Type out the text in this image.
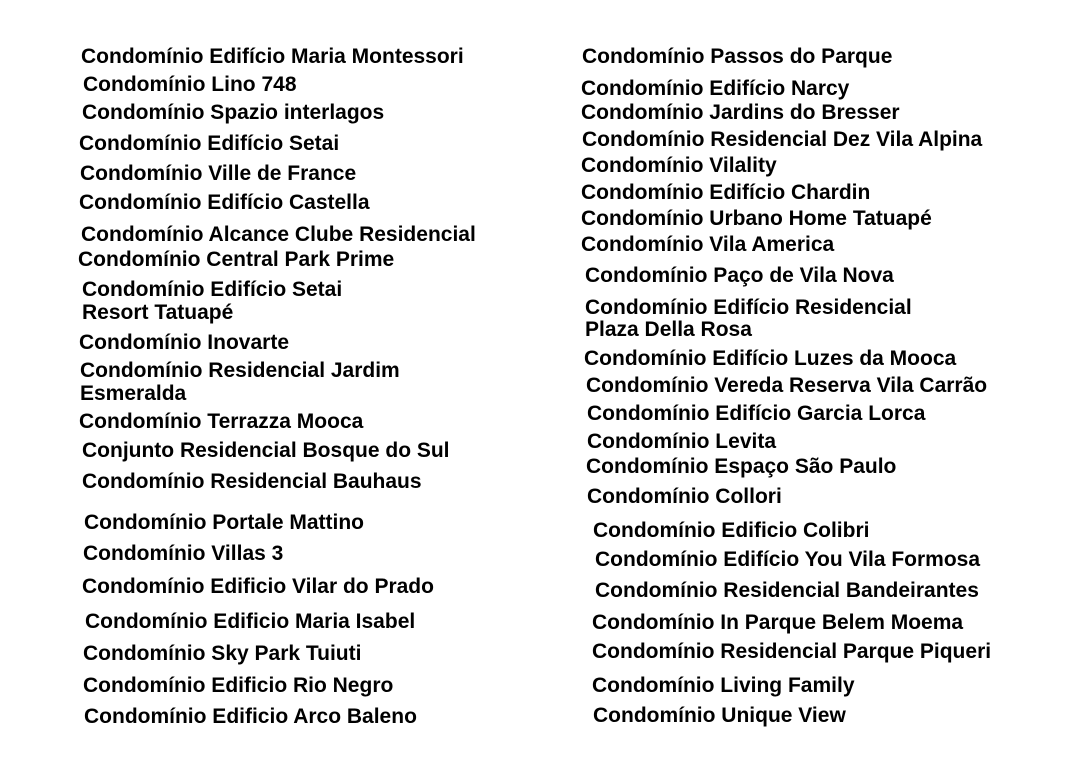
Condomínio Edifício Maria Montessori
Condomínio Lino 748
Condomínio Spazio interlagos
Condomínio Edifício Setai
Condomínio Ville de France
Condomínio Edifício Castella
Condomínio Alcance Clube Residencial
Condomínio Central Park Prime
Condomínio Edifício Setai
Resort Tatuapé
Condomínio Inovarte
Condomínio Residencial Jardim
Esmeralda
Condomínio Terrazza Mooca
Conjunto Residencial Bosque do Sul
Condomínio Residencial Bauhaus
Condomínio Portale Mattino
Condomínio Villas 3
Condomínio Edificio Vilar do Prado
Condomínio Edificio Maria Isabel
Condomínio Sky Park Tuiuti
Condomínio Edificio Rio Negro
Condomínio Edificio Arco Baleno
Condomínio Passos do Parque
Condomínio Edifício Narcy
Condomínio Jardins do Bresser
Condomínio Residencial Dez Vila Alpina
Condomínio Vilality
Condomínio Edifício Chardin
Condomínio Urbano Home Tatuapé
Condomínio Vila America
Condomínio Paço de Vila Nova
Condomínio Edifício Residencial
Plaza Della Rosa
Condomínio Edifício Luzes da Mooca
Condomínio Vereda Reserva Vila Carrão
Condomínio Edifício Garcia Lorca
Condomínio Levita
Condomínio Espaço São Paulo
Condomínio Collori
Condomínio Edificio Colibri
Condomínio Edifício You Vila Formosa
Condomínio Residencial Bandeirantes
Condomínio In Parque Belem Moema
Condomínio Residencial Parque Piqueri
Condomínio Living Family
Condomínio Unique View
